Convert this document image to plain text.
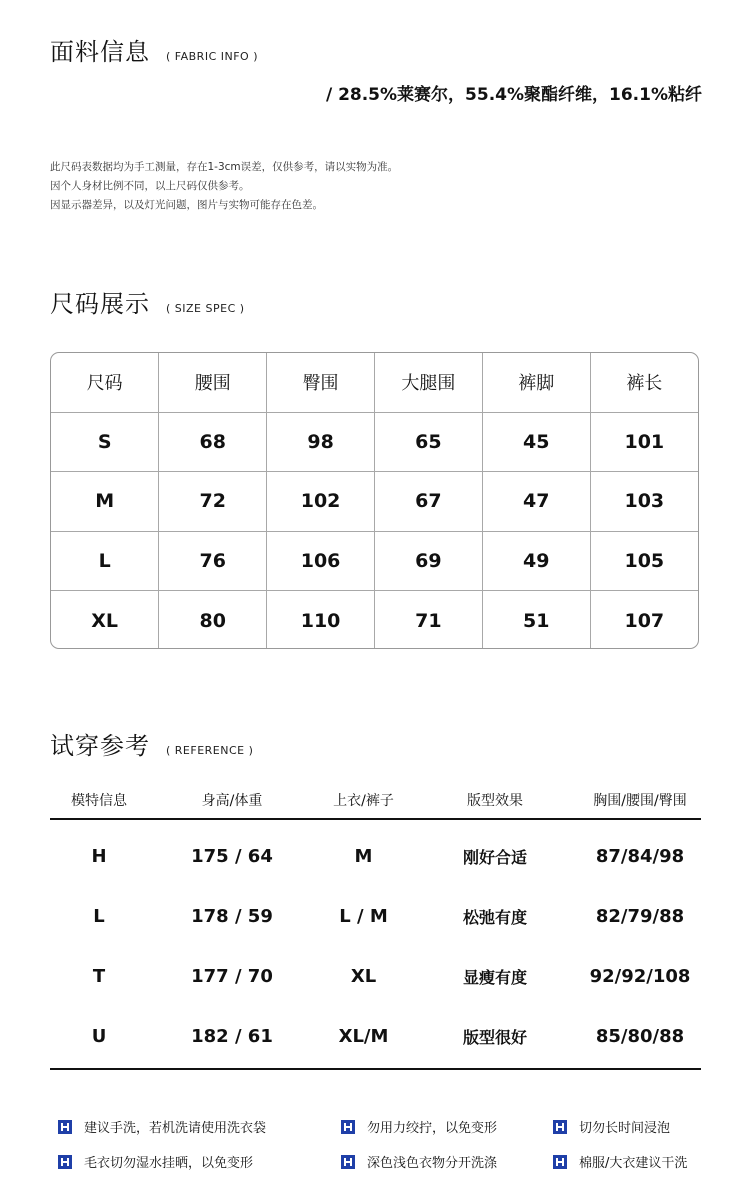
面料信息 ( FABRIC INFO )
/ 28.5%莱赛尔，55.4%聚酯纤维，16.1%粘纤
此尺码表数据均为手工测量，存在1-3cm误差，仅供参考，请以实物为准。
因个人身材比例不同，以上尺码仅供参考。
因显示器差异，以及灯光问题，图片与实物可能存在色差。
尺码展示 ( SIZE SPEC )
尺码	腰围	臀围	大腿围	裤脚	裤长
S	68	98	65	45	101
M	72	102	67	47	103
L	76	106	69	49	105
XL	80	110	71	51	107
试穿参考 ( REFERENCE )
模特信息	身高/体重	上衣/裤子	版型效果	胸围/腰围/臀围
H	175 / 64	M	刚好合适	87/84/98
L	178 / 59	L / M	松弛有度	82/79/88
T	177 / 70	XL	显瘦有度	92/92/108
U	182 / 61	XL/M	版型很好	85/80/88
建议手洗，若机洗请使用洗衣袋	勿用力绞拧，以免变形	切勿长时间浸泡
毛衣切勿湿水挂晒，以免变形	深色浅色衣物分开洗涤	棉服/大衣建议干洗
